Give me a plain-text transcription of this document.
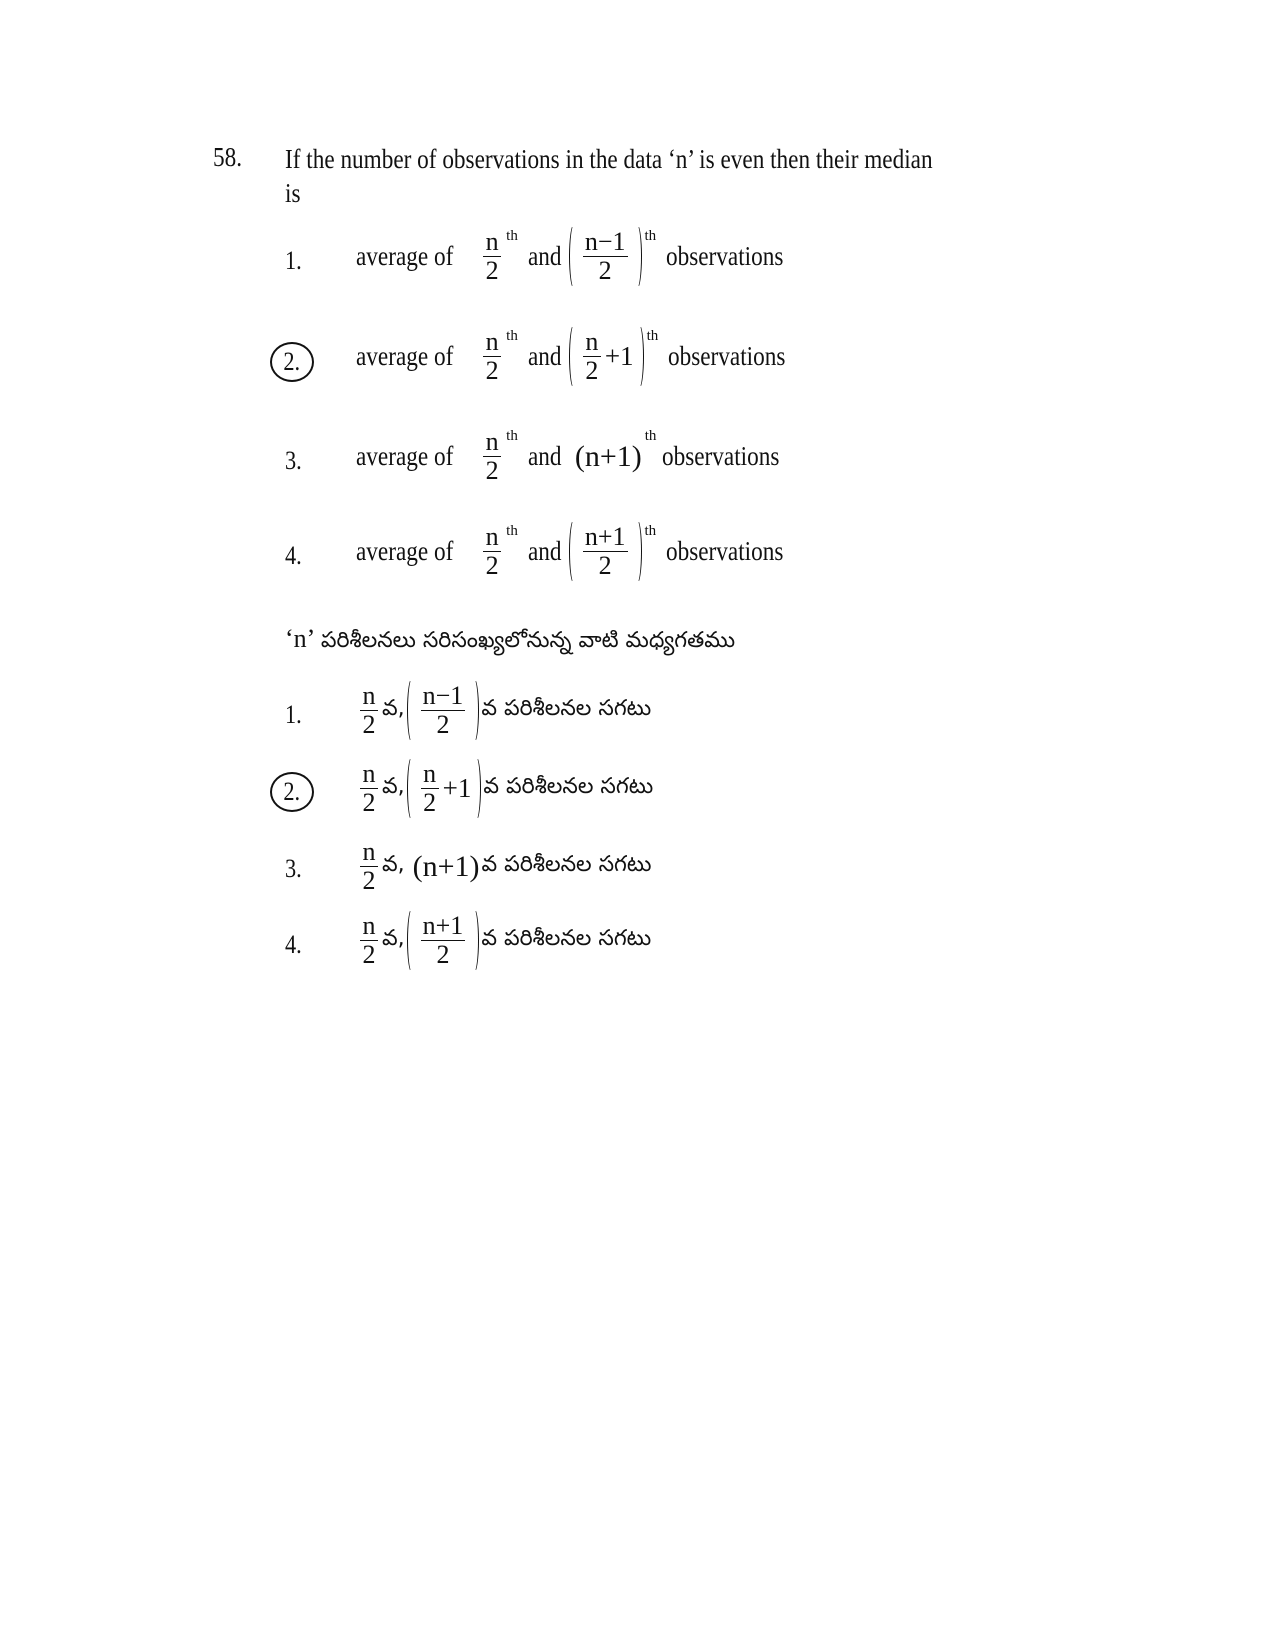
58. If the number of observations in the data ‘n’ is even then their median is
1. average of $\frac{n}{2}$ th
and $\frac{n-1}{2}$ th
observations
2.	average of $\frac{n}{2}$ th
and $\frac{n}{2} +1$
th
observations
3. average of $\frac{n}{2}$ th
and (n+1)
th
observations
4. average of $\frac{n}{2}$ th
and $\frac{n+1}{2}$ th
observations
‘n’ పరిశీలనలు సరిసంఖ్యలోనున్న వాటి మధ్యగతము
1. $\frac{n}{2}$ వ, $\frac{n-1}{2}$ వ పరిశీలనల సగటు
2.	$\frac{n}{2}$ వ, $\frac{n}{2} +1$ వ పరిశీలనల సగటు
3. $\frac{n}{2}$ వ, (n+1) వ పరిశీలనల సగటు
4. $\frac{n}{2}$ వ, $\frac{n+1}{2}$ వ పరిశీలనల సగటు
